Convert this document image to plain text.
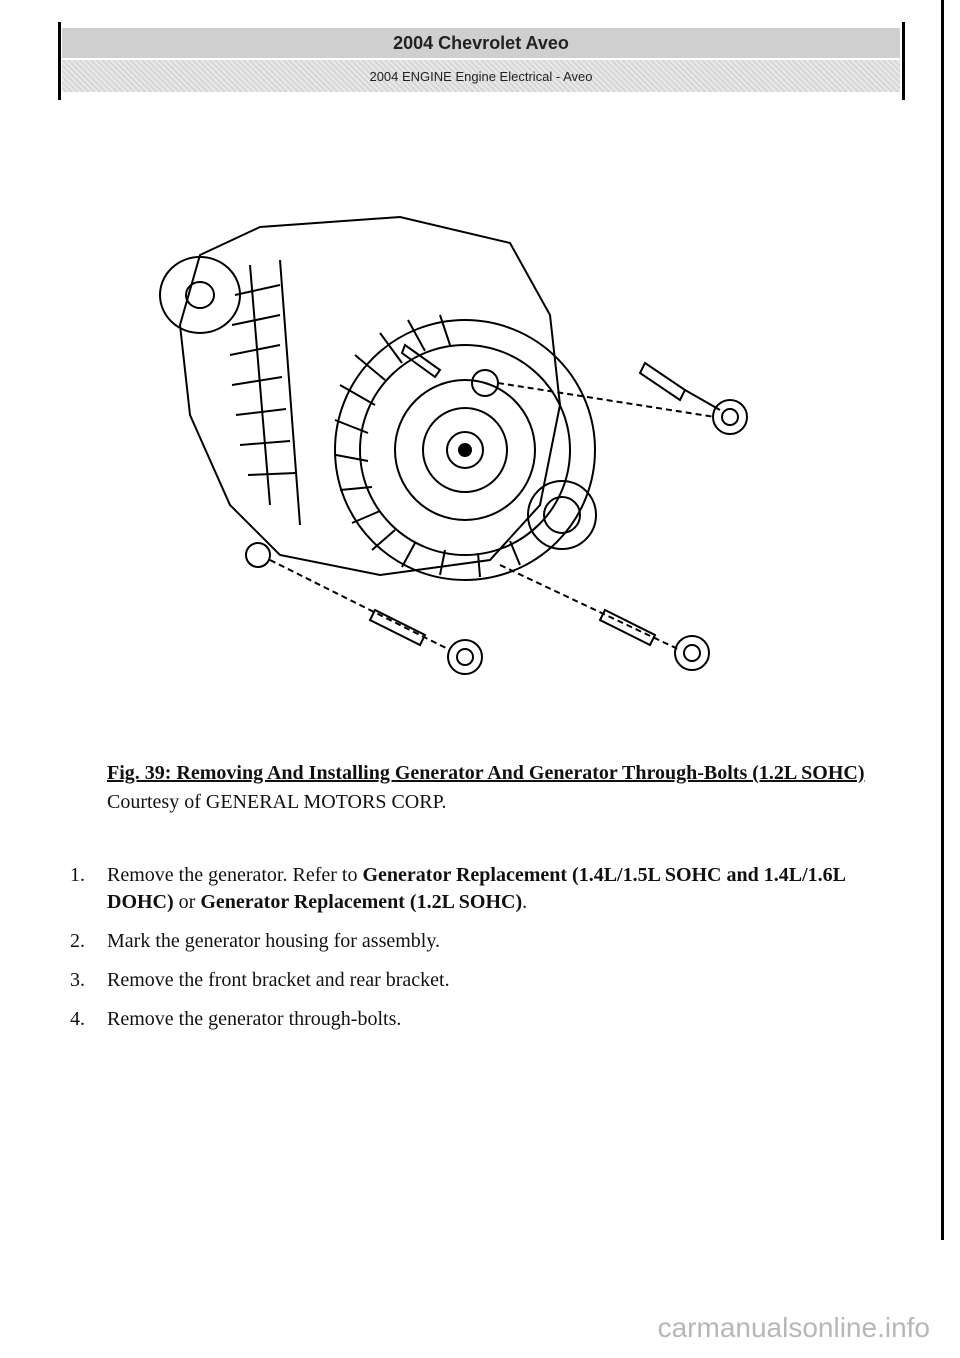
2004 Chevrolet Aveo
2004 ENGINE Engine Electrical - Aveo
Fig. 39: Removing And Installing Generator And Generator Through-Bolts (1.2L SOHC)
Courtesy of GENERAL MOTORS CORP.
1.	Remove the generator. Refer to Generator Replacement (1.4L/1.5L SOHC and 1.4L/1.6L DOHC) or Generator Replacement (1.2L SOHC).
2.	Mark the generator housing for assembly.
3.	Remove the front bracket and rear bracket.
4.	Remove the generator through-bolts.
carmanualsonline.info
